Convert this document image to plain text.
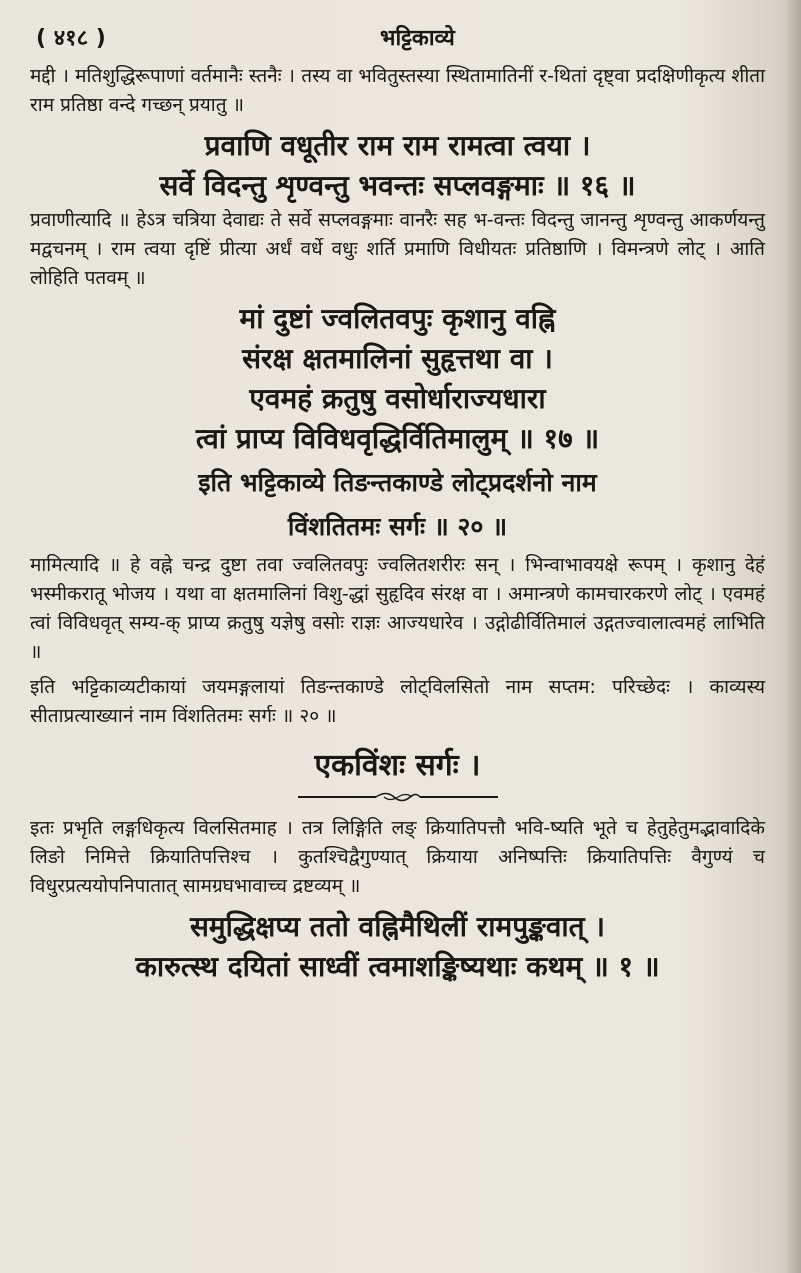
( ४१८ )	भट्टिकाव्ये

मद्दी । मतिशुद्धिरूपाणां वर्तमानैः स्तनैः । तस्य वा भवितुस्तस्या स्थितामातिनीं र-थितां दृष्ट्वा प्रदक्षिणीकृत्य शीता राम प्रतिष्ठा वन्दे गच्छन् प्रयातु ॥

प्रवाणि वधूतीर राम राम रामत्वा त्वया ।

सर्वे विदन्तु शृण्वन्तु भवन्तः सप्लवङ्गमाः ॥ १६ ॥

प्रवाणीत्यादि ॥ हेऽत्र चत्रिया देवाद्यः ते सर्वे सप्लवङ्गमाः वानरैः सह भ-वन्तः विदन्तु जानन्तु शृण्वन्तु आकर्णयन्तु मद्वचनम् । राम त्वया दृष्टिं प्रीत्या अर्धं वर्धे वधुः शर्ति प्रमाणि विधीयतः प्रतिष्ठाणि । विमन्त्रणे लोट् । आति लोहिति पतवम् ॥

मां दुष्टां ज्वलितवपुः कृशानु वह्नि

संरक्ष क्षतमालिनां सुहृत्तथा वा ।

एवमहं क्रतुषु वसोर्धाराज्यधारा

त्वां प्राप्य विविधवृद्धिर्वितिमालुम् ॥ १७ ॥

इति भट्टिकाव्ये तिङन्तकाण्डे लोट्प्रदर्शनो नाम

विंशतितमः सर्गः ॥ २० ॥

मामित्यादि ॥ हे वह्ने चन्द्र दुष्टा तवा ज्वलितवपुः ज्वलितशरीरः सन् । भिन्वाभावयक्षे रूपम् । कृशानु देहं भस्मीकरातू भोजय । यथा वा क्षतमालिनां विशु-द्धां सुहृदिव संरक्ष वा । अमान्त्रणे कामचारकरणे लोट् । एवमहं त्वां विविधवृत् सम्य-क् प्राप्य क्रतुषु यज्ञेषु वसोः राज्ञः आज्यधारेव । उद्गोढीर्वितिमालं उद्गतज्वालात्वमहं लाभिति ॥

इति भट्टिकाव्यटीकायां जयमङ्गलायां तिङन्तकाण्डे लोट्विलसितो नाम सप्तम: परिच्छेदः । काव्यस्य सीताप्रत्याख्यानं नाम विंशतितमः सर्गः ॥ २० ॥

एकविंशः सर्गः ।

इतः प्रभृति लङ्गधिकृत्य विलसितमाह । तत्र लिङ्गिति लङ् क्रियातिपत्तौ भवि-ष्यति भूते च हेतुहेतुमद्भावादिके लिङो निमित्ते क्रियातिपत्तिश्च । कुतश्चिद्वैगुण्यात् क्रियाया अनिष्पत्तिः क्रियातिपत्तिः वैगुण्यं च विधुरप्रत्ययोपनिपातात् सामग्रघभावाच्च द्रष्टव्यम् ॥

समुद्धिक्षप्य ततो वह्निमैथिलीं रामपुङ्कवात् ।

कारुत्स्थ दयितां साध्वीं त्वमाशङ्किष्यथाः कथम् ॥ १ ॥
